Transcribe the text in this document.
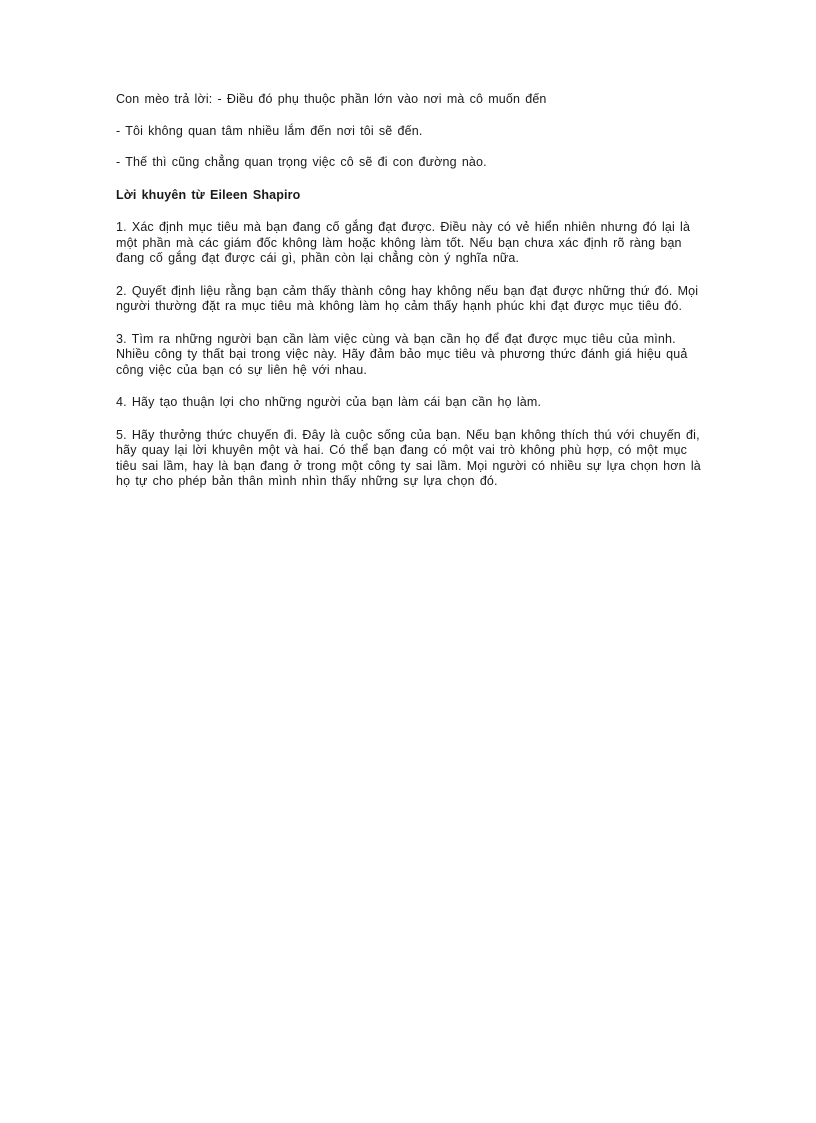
Con mèo trả lời: - Điều đó phụ thuộc phần lớn vào nơi mà cô muốn đến

- Tôi không quan tâm nhiều lắm đến nơi tôi sẽ đến.

- Thế thì cũng chẳng quan trọng việc cô sẽ đi con đường nào.

Lời khuyên từ Eileen Shapiro

1. Xác định mục tiêu mà bạn đang cố gắng đạt được. Điều này có vẻ hiển nhiên nhưng đó lại là một phần mà các giám đốc không làm hoặc không làm tốt. Nếu bạn chưa xác định rõ ràng bạn đang cố gắng đạt được cái gì, phần còn lại chẳng còn ý nghĩa nữa.

2. Quyết định liệu rằng bạn cảm thấy thành công hay không nếu bạn đạt được những thứ đó. Mọi người thường đặt ra mục tiêu mà không làm họ cảm thấy hạnh phúc khi đạt được mục tiêu đó.

3. Tìm ra những người bạn cần làm việc cùng và bạn cần họ để đạt được mục tiêu của mình. Nhiều công ty thất bại trong việc này. Hãy đảm bảo mục tiêu và phương thức đánh giá hiệu quả công việc của bạn có sự liên hệ với nhau.

4. Hãy tạo thuận lợi cho những người của bạn làm cái bạn cần họ làm.

5. Hãy thưởng thức chuyến đi. Đây là cuộc sống của bạn. Nếu bạn không thích thú với chuyến đi, hãy quay lại lời khuyên một và hai. Có thể bạn đang có một vai trò không phù hợp, có một mục tiêu sai lầm, hay là bạn đang ở trong một công ty sai lầm. Mọi người có nhiều sự lựa chọn hơn là họ tự cho phép bản thân mình nhìn thấy những sự lựa chọn đó.
